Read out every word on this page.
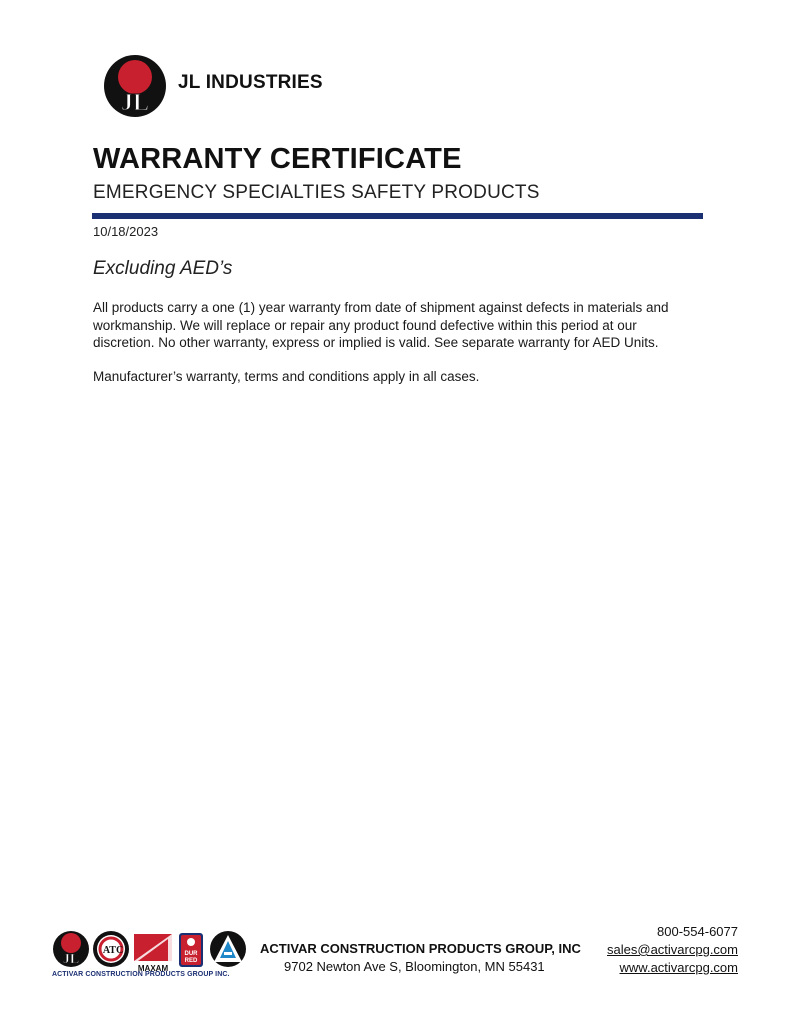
JL
JL INDUSTRIES
WARRANTY CERTIFICATE
EMERGENCY SPECIALTIES SAFETY PRODUCTS
10/18/2023
Excluding AED’s
All products carry a one (1) year warranty from date of shipment against defects in materials and workmanship. We will replace or repair any product found defective within this period at our discretion. No other warranty, express or implied is valid. See separate warranty for AED Units.
Manufacturer’s warranty, terms and conditions apply in all cases.
JL
ATC
MAXAM
DUR
RED
ACTIVAR CONSTRUCTION PRODUCTS GROUP INC.
ACTIVAR CONSTRUCTION PRODUCTS GROUP, INC
9702 Newton Ave S, Bloomington, MN 55431
800-554-6077
sales@activarcpg.com
www.activarcpg.com
